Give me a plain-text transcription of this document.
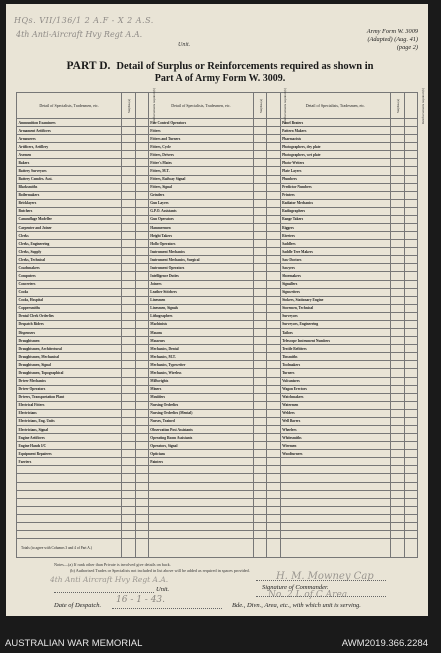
HQs. VII/136/1 2 A.F - X 2 A.S.
4th Anti-Aircraft Hvy Regt A.A.
Unit.
Army Form W. 3009
(Adapted) (Aug. 41)
(page 2)
PART D. Detail of Surplus or Reinforcements required as shown in
Part A of Army Form W. 3009.
Detail of Specialists, Tradesmen, etc.	Surplus (a)	Reinforcements required (b)	Detail of Specialists, Tradesmen, etc.	Surplus (a)	Reinforcements required (b)	Detail of Specialists, Tradesmen, etc.	Surplus (a)	Reinforcements required (b)
Ammunition Examiners			Fire Control Operators			Panel Beaters		
Armament Artificers			Fitters			Pattern Makers		
Armourers			Fitters and Turners			Pharmacists		
Artificers, Artillery			Fitters, Cycle			Photographers, dry plate		
Axemen			Fitters, Drivers			Photographers, wet plate		
Bakers			Fitter's Mates			Photo-Writers		
Battery Surveyors			Fitters, M.T.			Plate Layers		
Battery Comdrs. Asst.			Fitters, Railway Signal			Plumbers		
Blacksmiths			Fitters, Signal			Predictor Numbers		
Boilermakers			Grinders			Printers		
Bricklayers			Gun Layers			Radiator Mechanics		
Butchers			G.P.O. Assistants			Radiographers		
Camouflage Modeller			Gun Operators			Range Takers		
Carpenter and Joiner			Hammermen			Riggers		
Clerks			Height Takers			Riveters		
Clerks, Engineering			Hollo Operators			Saddlers		
Clerks, Supply			Instrument Mechanics			Saddle Tree Makers		
Clerks, Technical			Instrument Mechanics, Surgical			Saw Doctors		
Coachmakers			Instrument Operators			Sawyers		
Computers			Intelligence Duties			Shoemakers		
Concreters			Joiners			Signallers		
Cooks			Leather Stitchers			Signwriters		
Cooks, Hospital			Linesmen			Stokers, Stationary Engine		
Coppersmiths			Linesmen, Signals			Storemen, Technical		
Dental Clerk Orderlies			Lithographers			Surveyors		
Despatch Riders			Machinists			Surveyors, Engineering		
Dispensers			Masons			Tailors		
Draughtsmen			Masseurs			Telescope Instrument Numbers		
Draughtsmen, Architectural			Mechanics, Dental			Textile Refitters		
Draughtsmen, Mechanical			Mechanics, M.T.			Tinsmiths		
Draughtsmen, Signal			Mechanics, Typewriter			Toolmakers		
Draughtsmen, Topographical			Mechanics, Wireless			Turners		
Driver Mechanics			Millwrights			Vulcanisers		
Driver Operators			Miners			Wagon Erectors		
Drivers, Transportation Plant			Moulders			Watchmakers		
Electrical Fitters			Nursing Orderlies			Watermen		
Electricians			Nursing Orderlies (Mental)			Welders		
Electricians, Eng. Units			Nurses, Trained			Well Borers		
Electricians, Signal			Observation Post Assistants			Wheelers		
Engine Artificers			Operating Room Assistants			Whitesmiths		
Engine Hands I/C			Operators, Signal			Wiremen		
Equipment Repairers			Opticians			Woodturners		
Farriers			Painters					

Totals (to agree with Columns 3 and 4 of Part A.)								
Notes—(a) If rank other than Private is involved give details on back.
(b) Authorised Trades or Specialists not included in list above will be added as required in spaces provided.
4th Anti Aircraft Hvy Regt A.A.	H. M. Mowney Cap
No. 2 L of C Area
16 - 1 - 43.
Unit.	Signature of Commander.
Date of Despatch.	Bde., Divn., Area, etc., with which unit is serving.
AUSTRALIAN WAR MEMORIAL	AWM2019.366.2284
